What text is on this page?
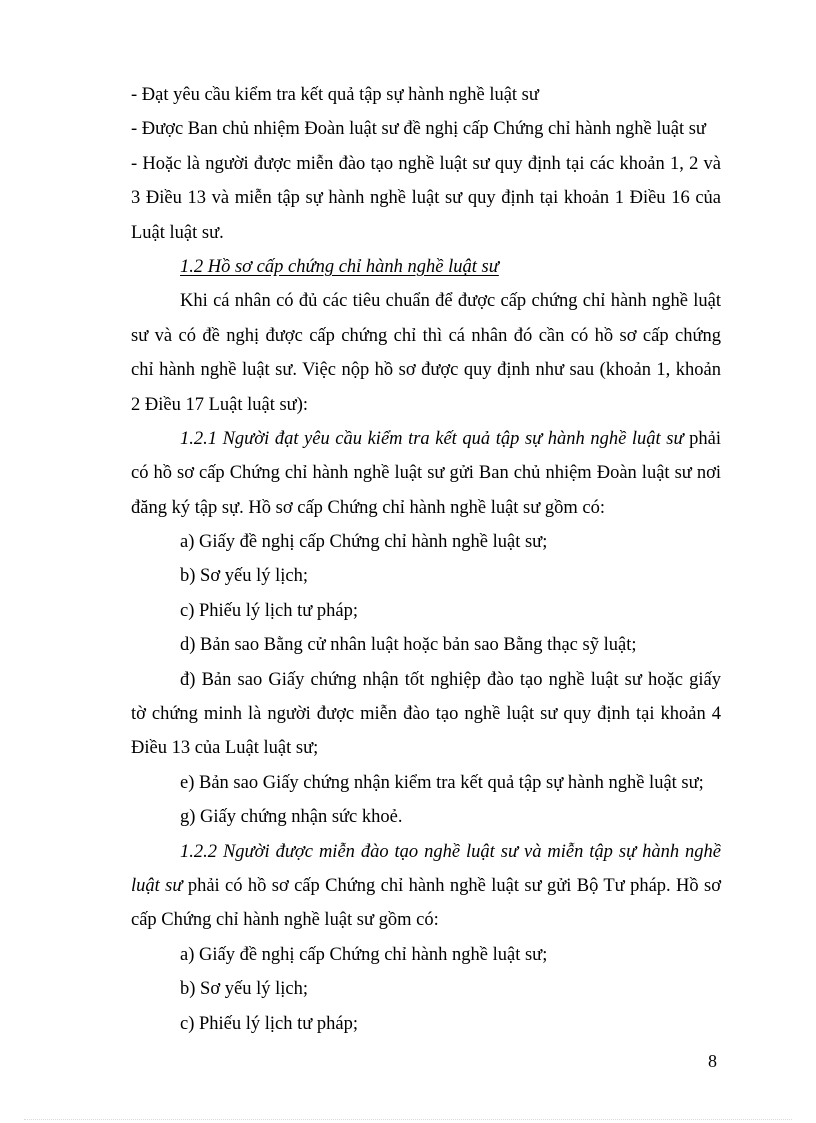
- Đạt yêu cầu kiểm tra kết quả tập sự hành nghề luật sư
- Được Ban chủ nhiệm Đoàn luật sư đề nghị cấp Chứng chỉ hành nghề luật sư
- Hoặc là người được miễn đào tạo nghề luật sư quy định tại các khoản 1, 2 và
3 Điều 13 và miễn tập sự hành nghề luật sư quy định tại khoản 1 Điều 16 của
Luật luật sư.
1.2 Hồ sơ cấp chứng chỉ hành nghề luật sư
Khi cá nhân có đủ các tiêu chuẩn để được cấp chứng chỉ hành nghề luật
sư và có đề nghị được cấp chứng chỉ thì cá nhân đó cần có hồ sơ cấp chứng
chỉ hành nghề luật sư. Việc nộp hồ sơ được quy định như sau (khoản 1, khoản
2 Điều 17 Luật luật sư):
1.2.1 Người đạt yêu cầu kiểm tra kết quả tập sự hành nghề luật sư phải
có hồ sơ cấp Chứng chỉ hành nghề luật sư gửi Ban chủ nhiệm Đoàn luật sư nơi
đăng ký tập sự. Hồ sơ cấp Chứng chỉ hành nghề luật sư gồm có:
a) Giấy đề nghị cấp Chứng chỉ hành nghề luật sư;
b) Sơ yếu lý lịch;
c) Phiếu lý lịch tư pháp;
d) Bản sao Bằng cử nhân luật hoặc bản sao Bằng thạc sỹ luật;
đ) Bản sao Giấy chứng nhận tốt nghiệp đào tạo nghề luật sư hoặc giấy
tờ chứng minh là người được miễn đào tạo nghề luật sư quy định tại khoản 4
Điều 13 của Luật luật sư;
e) Bản sao Giấy chứng nhận kiểm tra kết quả tập sự hành nghề luật sư;
g) Giấy chứng nhận sức khoẻ.
1.2.2 Người được miễn đào tạo nghề luật sư và miễn tập sự hành nghề
luật sư phải có hồ sơ cấp Chứng chỉ hành nghề luật sư gửi Bộ Tư pháp. Hồ sơ
cấp Chứng chỉ hành nghề luật sư gồm có:
a) Giấy đề nghị cấp Chứng chỉ hành nghề luật sư;
b) Sơ yếu lý lịch;
c) Phiếu lý lịch tư pháp;
8
